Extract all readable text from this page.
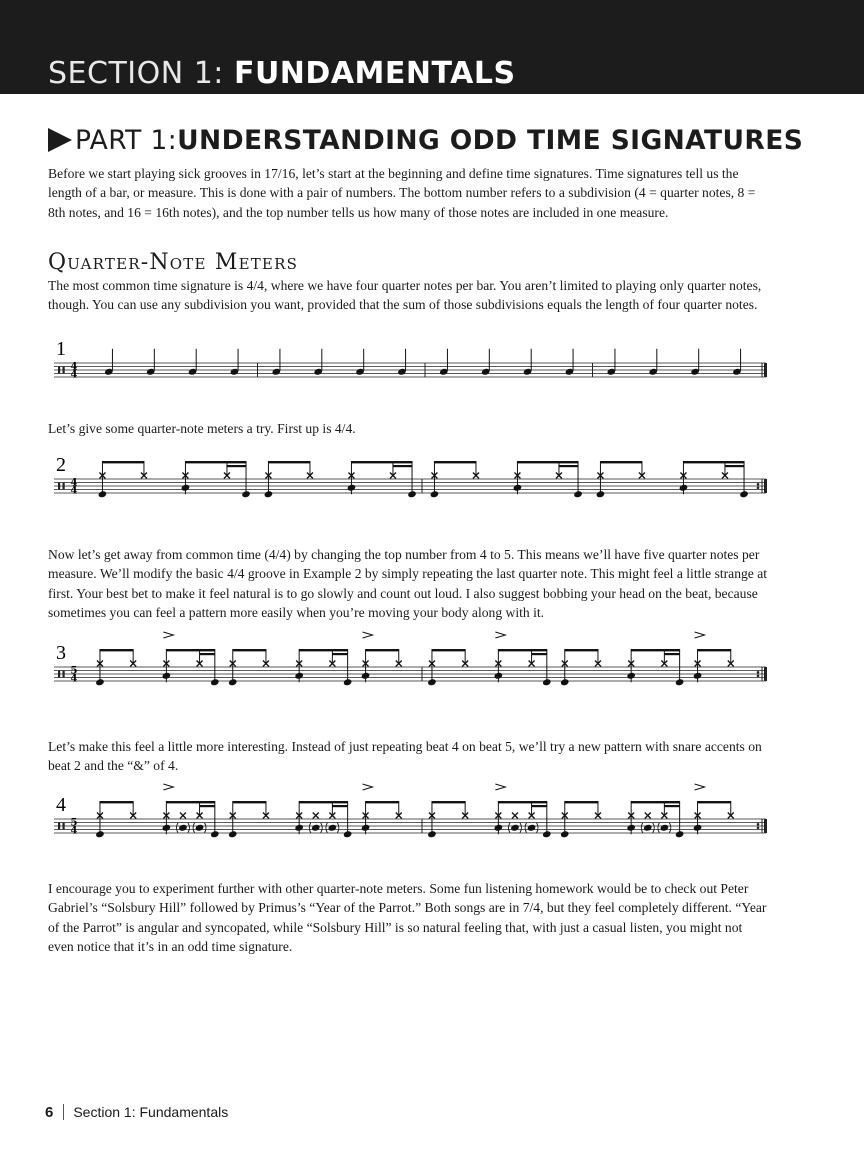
SECTION 1: FUNDAMENTALS
PART 1: UNDERSTANDING ODD TIME SIGNATURES

Before we start playing sick grooves in 17/16, let’s start at the beginning and define time signatures. Time signatures tell us the length of a bar, or measure. This is done with a pair of numbers. The bottom number refers to a subdivision (4 = quarter notes, 8 = 8th notes, and 16 = 16th notes), and the top number tells us how many of those notes are included in one measure.

Quarter-Note Meters

The most common time signature is 4/4, where we have four quarter notes per bar. You aren’t limited to playing only quarter notes, though. You can use any subdivision you want, provided that the sum of those subdivisions equals the length of four quarter notes.

1
4
4

Let’s give some quarter-note meters a try. First up is 4/4.

2
4
4

Now let’s get away from common time (4/4) by changing the top number from 4 to 5. This means we’ll have five quarter notes per measure. We’ll modify the basic 4/4 groove in Example 2 by simply repeating the last quarter note. This might feel a little strange at first. Your best bet to make it feel natural is to go slowly and count out loud. I also suggest bobbing your head on the beat, because sometimes you can feel a pattern more easily when you’re moving your body along with it.

3
5
4

Let’s make this feel a little more interesting. Instead of just repeating beat 4 on beat 5, we’ll try a new pattern with snare accents on beat 2 and the “&” of 4.

4
5
4

I encourage you to experiment further with other quarter-note meters. Some fun listening homework would be to check out Peter Gabriel’s “Solsbury Hill” followed by Primus’s “Year of the Parrot.” Both songs are in 7/4, but they feel completely different. “Year of the Parrot” is angular and syncopated, while “Solsbury Hill” is so natural feeling that, with just a casual listen, you might not even notice that it’s in an odd time signature.

6 Section 1: Fundamentals
